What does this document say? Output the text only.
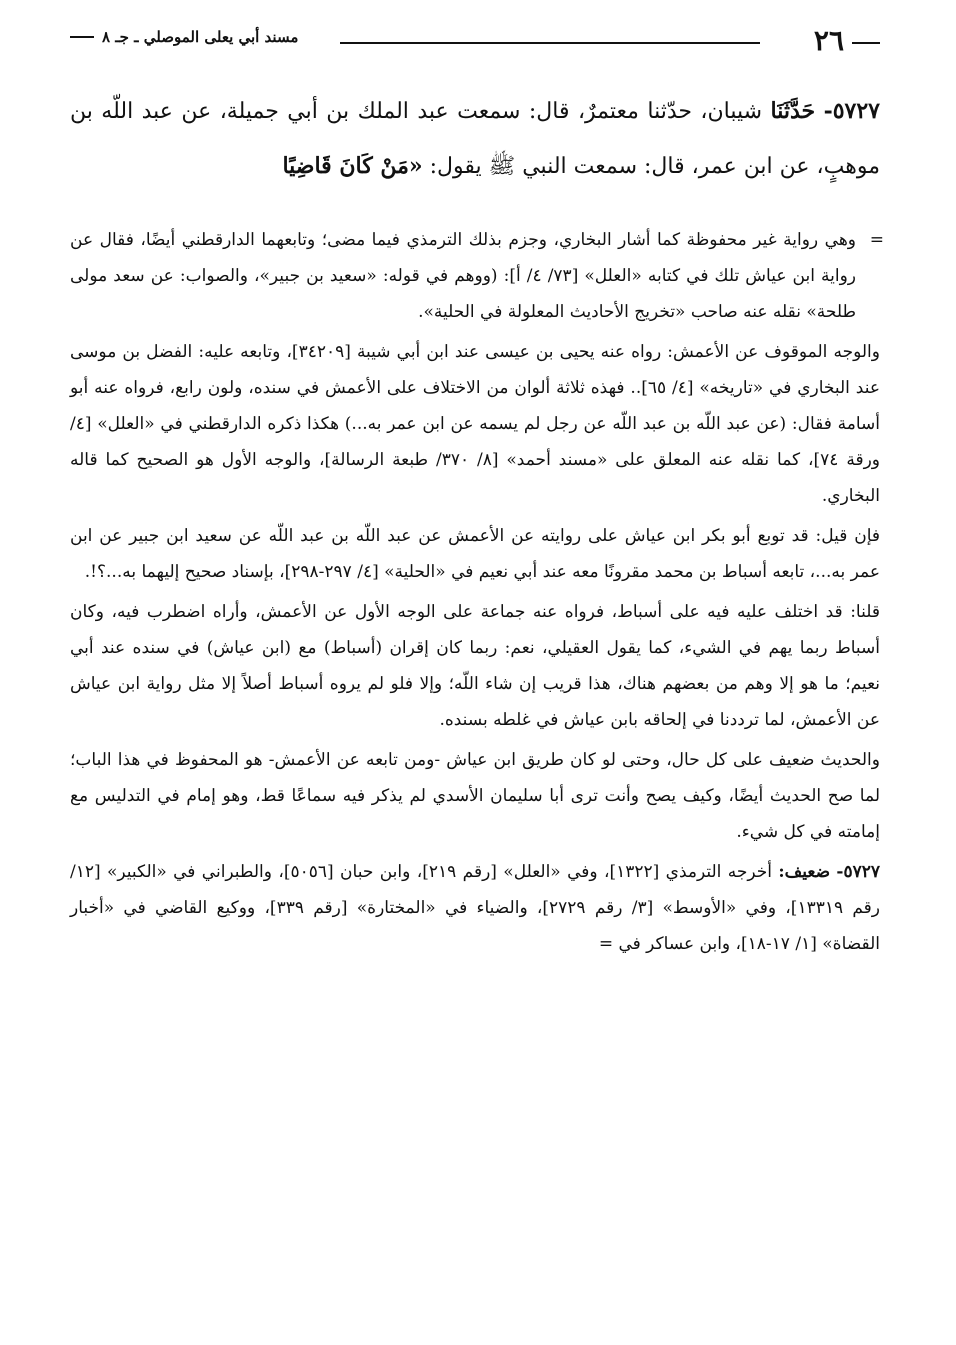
٢٦
مسند أبي يعلى الموصلي ـ جـ ٨
٥٧٢٧- حَدَّثَنَا شيبان، حدّثنا معتمرٌ، قال: سمعت عبد الملك بن أبي جميلة، عن عبد اللّه بن موهبٍ، عن ابن عمر، قال: سمعت النبي ﷺ يقول: «مَنْ كَانَ قَاضِيًا

=
وهي رواية غير محفوظة كما أشار البخاري، وجزم بذلك الترمذي فيما مضى؛ وتابعهما الدارقطني أيضًا، فقال عن رواية ابن عياش تلك في كتابه «العلل» [٧٣/ ٤/ أ]: (ووهم في قوله: «سعيد بن جبير»، والصواب: عن سعد مولى طلحة» نقله عنه صاحب «تخريج الأحاديث المعلولة في الحلية».

والوجه الموقوف عن الأعمش: رواه عنه يحيى بن عيسى عند ابن أبي شيبة [٣٤٢٠٩]، وتابعه عليه: الفضل بن موسى عند البخاري في «تاريخه» [٤/ ٦٥].. فهذه ثلاثة ألوان من الاختلاف على الأعمش في سنده، ولون رابع، فرواه عنه أبو أسامة فقال: (عن عبد اللّه بن عبد اللّه عن رجل لم يسمه عن ابن عمر به...) هكذا ذكره الدارقطني في «العلل» [٤/ ورقة ٧٤]، كما نقله عنه المعلق على «مسند أحمد» [٨/ ٣٧٠/ طبعة الرسالة]، والوجه الأول هو الصحيح كما قاله البخاري.

فإن قيل: قد توبع أبو بكر ابن عياش على روايته عن الأعمش عن عبد اللّه بن عبد اللّه عن سعيد ابن جبير عن ابن عمر به...، تابعه أسباط بن محمد مقرونًا معه عند أبي نعيم في «الحلية» [٤/ ٢٩٧-٢٩٨]، بإسناد صحيح إليهما به...؟!.

قلنا: قد اختلف عليه فيه على أسباط، فرواه عنه جماعة على الوجه الأول عن الأعمش، وأراه اضطرب فيه، وكان أسباط ربما يهم في الشيء، كما يقول العقيلي، نعم: ربما كان إقران (أسباط) مع (ابن عياش) في سنده عند أبي نعيم؛ ما هو إلا وهم من بعضهم هناك، هذا قريب إن شاء اللّه؛ وإلا فلو لم يروه أسباط أصلاً إلا مثل رواية ابن عياش عن الأعمش، لما ترددنا في إلحاقه بابن عياش في غلطه بسنده.

والحديث ضعيف على كل حال، وحتى لو كان طريق ابن عياش -ومن تابعه عن الأعمش- هو المحفوظ في هذا الباب؛ لما صح الحديث أيضًا، وكيف يصح وأنت ترى أبا سليمان الأسدي لم يذكر فيه سماعًا قط، وهو إمام في التدليس مع إمامته في كل شيء.

٥٧٢٧- ضعيف: أخرجه الترمذي [١٣٢٢]، وفي «العلل» [رقم ٢١٩]، وابن حبان [٥٠٥٦]، والطبراني في «الكبير» [١٢/ رقم ١٣٣١٩]، وفي «الأوسط» [٣/ رقم ٢٧٢٩]، والضياء في «المختارة» [رقم ٣٣٩]، ووكيع القاضي في «أخبار القضاة» [١/ ١٧-١٨]، وابن عساكر في =
